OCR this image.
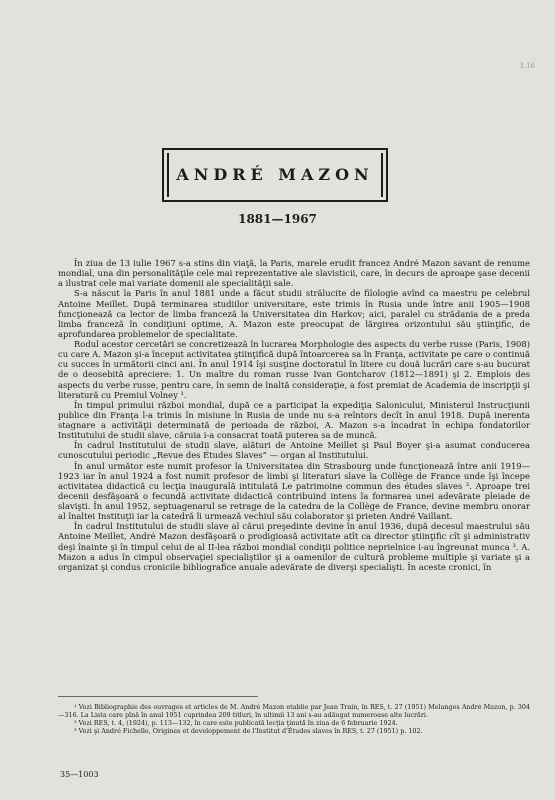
3.16
ANDRÉ MAZON
1881—1967

În ziua de 13 iulie 1967 s-a stins din viaţă, la Paris, marele erudit francez André Mazon savant de renume mondial, una din personalităţile cele mai reprezentative ale slavisticii, care, în decurs de aproape şase decenii a ilustrat cele mai variate domenii ale specialităţii sale.

S-a născut la Paris în anul 1881 unde a făcut studii strălucite de filologie avînd ca maestru pe celebrul Antoine Meillet. După terminarea studiilor universitare, este trimis în Rusia unde între anii 1905—1908 funcţionează ca lector de limba franceză la Universitatea din Harkov; aici, paralel cu strădania de a preda limba franceză în condiţiuni optime, A. Mazon este preocupat de lărgirea orizontului său ştiinţific, de aprofundarea problemelor de specialitate.

Rodul acestor cercetări se concretizează în lucrarea Morphologie des aspects du verbe russe (Paris, 1908) cu care A. Mazon şi-a început activitatea ştiinţifică după întoarcerea sa în Franţa, activitate pe care o continuă cu succes în următorii cinci ani. În anul 1914 îşi susţine doctoratul în litere cu două lucrări care s-au bucurat de o deosebită apreciere: 1. Un maître du roman russe Ivan Gontcharov (1812—1891) şi 2. Emplois des aspects du verbe russe, pentru care, în semn de înaltă consideraţie, a fost premiat de Academia de inscripţii şi literatură cu Premiul Volney ¹.

În timpul primului război mondial, după ce a participat la expediţia Salonicului, Ministerul Instrucţiunii publice din Franţa l-a trimis în misiune în Rusia de unde nu s-a reîntors decît în anul 1918. După inerenta stagnare a activităţii determinată de perioada de război, A. Mazon s-a încadrat în echipa fondatorilor Institutului de studii slave, căruia i-a consacrat toată puterea sa de muncă.

În cadrul Institutului de studii slave, alături de Antoine Meillet şi Paul Boyer şi-a asumat conducerea cunoscutului periodic „Revue des Études Slaves” — organ al Institutului.

În anul următor este numit profesor la Universitatea din Strasbourg unde funcţionează între anii 1919—1923 iar în anul 1924 a fost numit profesor de limbi şi literaturi slave la Collège de France unde îşi începe activitatea didactică cu lecţia inaugurală intitulată Le patrimoine commun des études slaves ². Aproape trei decenii desfăşoară o fecundă activitate didactică contribuind intens la formarea unei adevărate pleiade de slavişti. În anul 1952, septuagenarul se retrage de la catedra de la Collège de France, devine membru onorar al înaltei Instituţii iar la catedră îi urmează vechiul său colaborator şi prieten André Vaillant.

În cadrul Institutului de studii slave al cărui preşedinte devine în anul 1936, după decesul maestrului său Antoine Meillet, André Mazon desfăşoară o prodigioasă activitate atît ca director ştiinţific cît şi administrativ deşi înainte şi în timpul celui de al II-lea război mondial condiţii politice neprielnice i-au îngreunat munca ³. A. Mazon a adus în cimpul observaţiei specialiştilor şi a oamenilor de cultură probleme multiple şi variate şi a organizat şi condus cronicile bibliografice anuale adevărate de diverşi specialişti. În aceste cronici, în

¹ Vezi Bibliographie des ouvrages et articles de M. André Mazon etablie par Jean Train, în RES, t. 27 (1951) Melanges André Mazon, p. 304—316. La Lista care pînă în anul 1951 cuprindea 209 titluri, în ultimii 13 ani s-au adăugat numeroase alte lucrări.

² Vezi RES, t. 4, (1924), p. 113—132, în care este publicată lecţia ţinută în ziua de 6 februarie 1924.

³ Vezi şi André Fichelle, Origines et developpement de l'Institut d'Études slaves în RES, t. 27 (1951) p. 102.

35—1003
